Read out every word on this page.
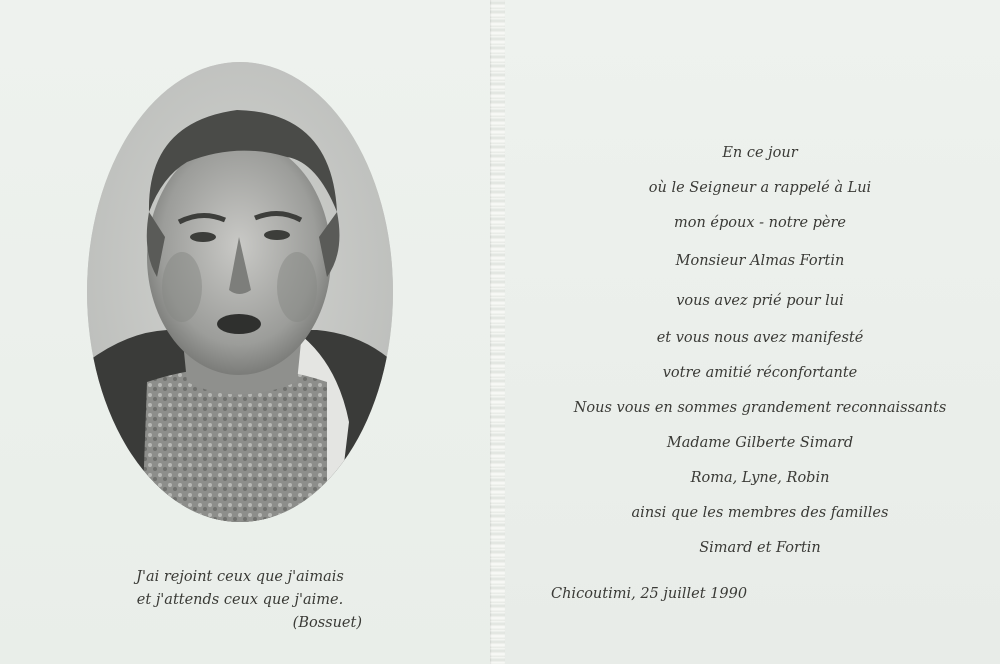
J'ai rejoint ceux que j'aimais
et j'attends ceux que j'aime.
(Bossuet)
En ce jour
où le Seigneur a rappelé à Lui
mon époux - notre père
Monsieur Almas Fortin
vous avez prié pour lui
et vous nous avez manifesté
votre amitié réconfortante
Nous vous en sommes grandement reconnaissants
Madame Gilberte Simard
Roma, Lyne, Robin
ainsi que les membres des familles
Simard et Fortin
Chicoutimi, 25 juillet 1990
